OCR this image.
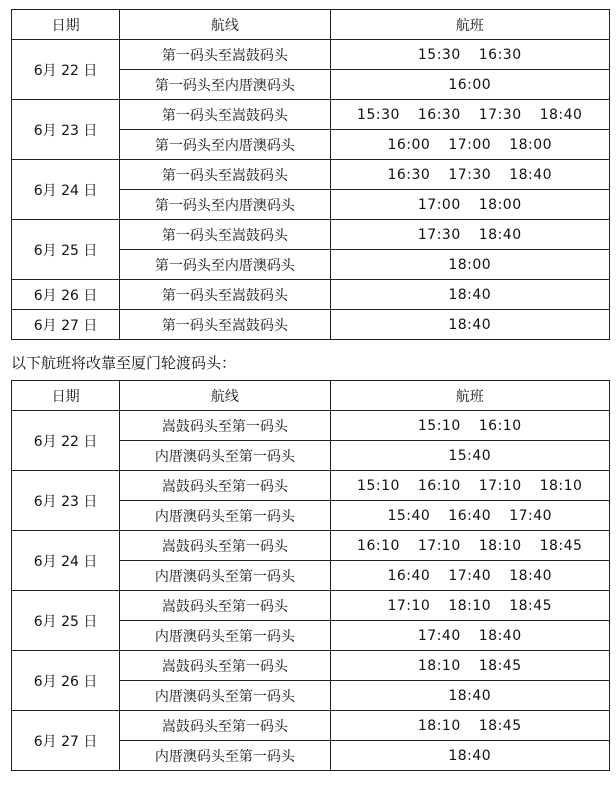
日期	航线	航班
6月 22 日	第一码头至嵩鼓码头	15:30 16:30
	第一码头至内厝澳码头	16:00
6月 23 日	第一码头至嵩鼓码头	15:30 16:30 17:30 18:40
	第一码头至内厝澳码头	16:00 17:00 18:00
6月 24 日	第一码头至嵩鼓码头	16:30 17:30 18:40
	第一码头至内厝澳码头	17:00 18:00
6月 25 日	第一码头至嵩鼓码头	17:30 18:40
	第一码头至内厝澳码头	18:00
6月 26 日	第一码头至嵩鼓码头	18:40
6月 27 日	第一码头至嵩鼓码头	18:40
以下航班将改靠至厦门轮渡码头：
日期	航线	航班
6月 22 日	嵩鼓码头至第一码头	15:10 16:10
	内厝澳码头至第一码头	15:40
6月 23 日	嵩鼓码头至第一码头	15:10 16:10 17:10 18:10
	内厝澳码头至第一码头	15:40 16:40 17:40
6月 24 日	嵩鼓码头至第一码头	16:10 17:10 18:10 18:45
	内厝澳码头至第一码头	16:40 17:40 18:40
6月 25 日	嵩鼓码头至第一码头	17:10 18:10 18:45
	内厝澳码头至第一码头	17:40 18:40
6月 26 日	嵩鼓码头至第一码头	18:10 18:45
	内厝澳码头至第一码头	18:40
6月 27 日	嵩鼓码头至第一码头	18:10 18:45
	内厝澳码头至第一码头	18:40
